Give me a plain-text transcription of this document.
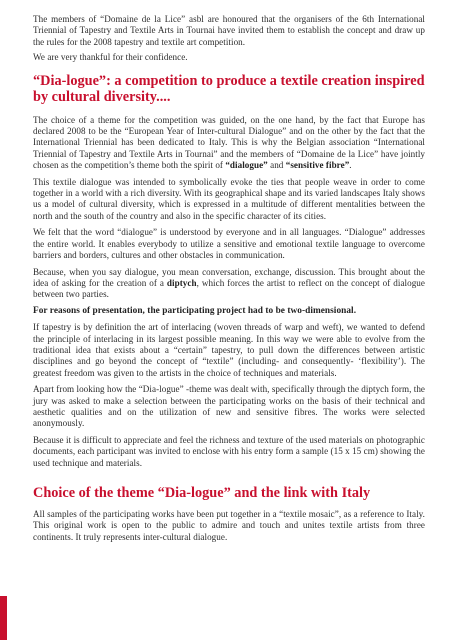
The members of “Domaine de la Lice” asbl are honoured that the organisers of the 6th International Triennial of Tapestry and Textile Arts in Tournai have invited them to establish the concept and draw up the rules for the 2008 tapestry and textile art competition.

We are very thankful for their confidence.

“Dia-logue”: a competition to produce a textile creation inspired by cultural diversity....

The choice of a theme for the competition was guided, on the one hand, by the fact that Europe has declared 2008 to be the “European Year of Inter-cultural Dialogue” and on the other by the fact that the International Triennial has been dedicated to Italy. This is why the Belgian association “International Triennial of Tapestry and Textile Arts in Tournai” and the members of “Domaine de la Lice” have jointly chosen as the competition’s theme both the spirit of “dialogue” and “sensitive fibre”.

This textile dialogue was intended to symbolically evoke the ties that people weave in order to come together in a world with a rich diversity. With its geographical shape and its varied landscapes Italy shows us a model of cultural diversity, which is expressed in a multitude of different mentalities between the north and the south of the country and also in the specific character of its cities.

We felt that the word “dialogue” is understood by everyone and in all languages. “Dialogue” addresses the entire world. It enables everybody to utilize a sensitive and emotional textile language to overcome barriers and borders, cultures and other obstacles in communication.

Because, when you say dialogue, you mean conversation, exchange, discussion. This brought about the idea of asking for the creation of a diptych, which forces the artist to reflect on the concept of dialogue between two parties.

For reasons of presentation, the participating project had to be two-dimensional.

If tapestry is by definition the art of interlacing (woven threads of warp and weft), we wanted to defend the principle of interlacing in its largest possible meaning. In this way we were able to evolve from the traditional idea that exists about a “certain” tapestry, to pull down the differences between artistic disciplines and go beyond the concept of “textile” (including- and consequently- ‘flexibility’). The greatest freedom was given to the artists in the choice of techniques and materials.

Apart from looking how the “Dia-logue” -theme was dealt with, specifically through the diptych form, the jury was asked to make a selection between the participating works on the basis of their technical and aesthetic qualities and on the utilization of new and sensitive fibres. The works were selected anonymously.

Because it is difficult to appreciate and feel the richness and texture of the used materials on photographic documents, each participant was invited to enclose with his entry form a sample (15 x 15 cm) showing the used technique and materials.

Choice of the theme “Dia-logue” and the link with Italy

All samples of the participating works have been put together in a “textile mosaic”, as a reference to Italy. This original work is open to the public to admire and touch and unites textile artists from three continents. It truly represents inter-cultural dialogue.
